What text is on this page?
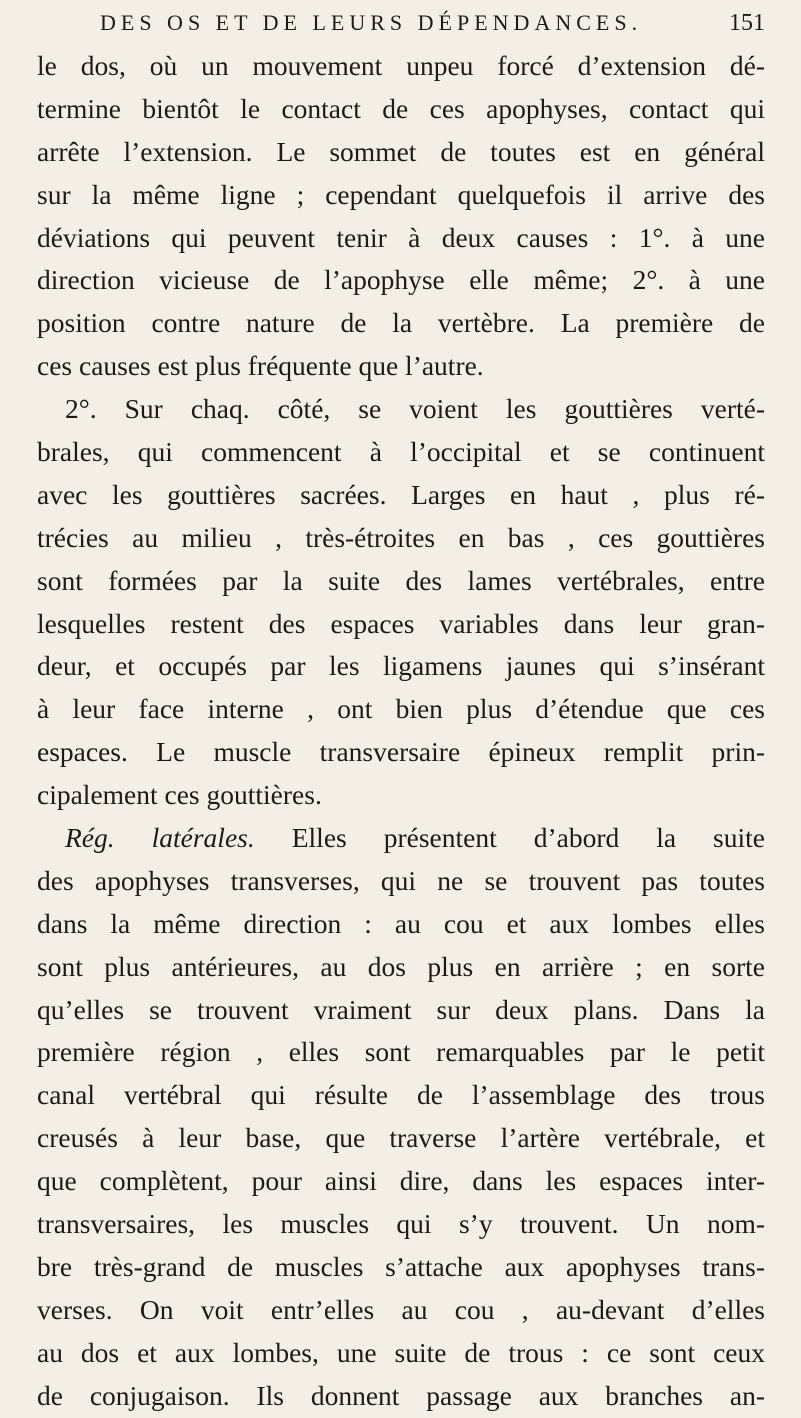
DES OS ET DE LEURS DÉPENDANCES.	151
le dos, où un mouvement unpeu forcé d’extension dé-
termine bientôt le contact de ces apophyses, contact qui
arrête l’extension. Le sommet de toutes est en général
sur la même ligne ; cependant quelquefois il arrive des
déviations qui peuvent tenir à deux causes : 1°. à une
direction vicieuse de l’apophyse elle même; 2°. à une
position contre nature de la vertèbre. La première de
ces causes est plus fréquente que l’autre.
2°. Sur chaq. côté, se voient les gouttières verté-
brales, qui commencent à l’occipital et se continuent
avec les gouttières sacrées. Larges en haut , plus ré-
trécies au milieu , très-étroites en bas , ces gouttières
sont formées par la suite des lames vertébrales, entre
lesquelles restent des espaces variables dans leur gran-
deur, et occupés par les ligamens jaunes qui s’insérant
à leur face interne , ont bien plus d’étendue que ces
espaces. Le muscle transversaire épineux remplit prin-
cipalement ces gouttières.
Rég. latérales. Elles présentent d’abord la suite
des apophyses transverses, qui ne se trouvent pas toutes
dans la même direction : au cou et aux lombes elles
sont plus antérieures, au dos plus en arrière ; en sorte
qu’elles se trouvent vraiment sur deux plans. Dans la
première région , elles sont remarquables par le petit
canal vertébral qui résulte de l’assemblage des trous
creusés à leur base, que traverse l’artère vertébrale, et
que complètent, pour ainsi dire, dans les espaces inter-
transversaires, les muscles qui s’y trouvent. Un nom-
bre très-grand de muscles s’attache aux apophyses trans-
verses. On voit entr’elles au cou , au-devant d’elles
au dos et aux lombes, une suite de trous : ce sont ceux
de conjugaison. Ils donnent passage aux branches an-
